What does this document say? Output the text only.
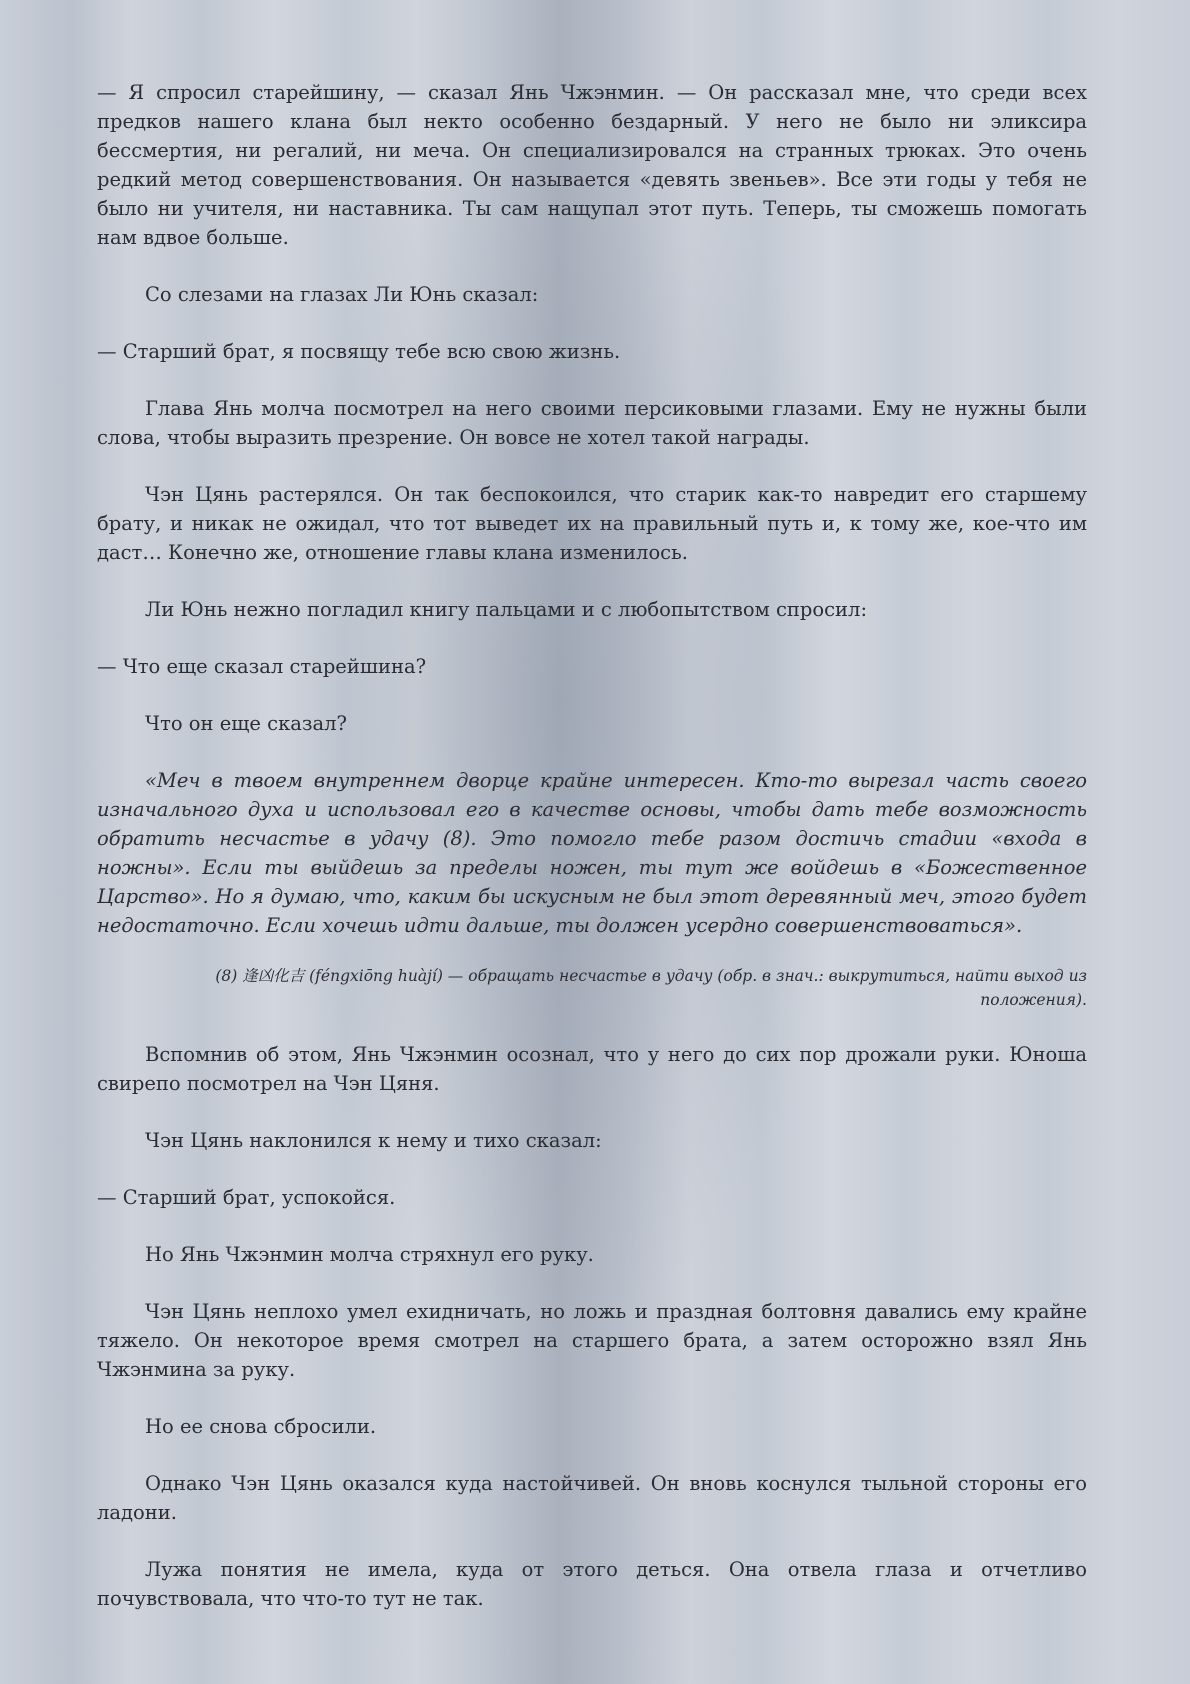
— Я спросил старейшину, — сказал Янь Чжэнмин. — Он рассказал мне, что среди всех предков нашего клана был некто особенно бездарный. У него не было ни эликсира бессмертия, ни регалий, ни меча. Он специализировался на странных трюках. Это очень редкий метод совершенствования. Он называется «девять звеньев». Все эти годы у тебя не было ни учителя, ни наставника. Ты сам нащупал этот путь. Теперь, ты сможешь помогать нам вдвое больше.

Со слезами на глазах Ли Юнь сказал:

— Старший брат, я посвящу тебе всю свою жизнь.

Глава Янь молча посмотрел на него своими персиковыми глазами. Ему не нужны были слова, чтобы выразить презрение. Он вовсе не хотел такой награды.

Чэн Цянь растерялся. Он так беспокоился, что старик как-то навредит его старшему брату, и никак не ожидал, что тот выведет их на правильный путь и, к тому же, кое-что им даст… Конечно же, отношение главы клана изменилось.

Ли Юнь нежно погладил книгу пальцами и с любопытством спросил:

— Что еще сказал старейшина?

Что он еще сказал?

«Меч в твоем внутреннем дворце крайне интересен. Кто-то вырезал часть своего изначального духа и использовал его в качестве основы, чтобы дать тебе возможность обратить несчастье в удачу (8). Это помогло тебе разом достичь стадии «входа в ножны». Если ты выйдешь за пределы ножен, ты тут же войдешь в «Божественное Царство». Но я думаю, что, каким бы искусным не был этот деревянный меч, этого будет недостаточно. Если хочешь идти дальше, ты должен усердно совершенствоваться».

(8) 逢凶化吉 (féngxiōng huàjí) — обращать несчастье в удачу (обр. в знач.: выкрутиться, найти выход из положения).

Вспомнив об этом, Янь Чжэнмин осознал, что у него до сих пор дрожали руки. Юноша свирепо посмотрел на Чэн Цяня.

Чэн Цянь наклонился к нему и тихо сказал:

— Старший брат, успокойся.

Но Янь Чжэнмин молча стряхнул его руку.

Чэн Цянь неплохо умел ехидничать, но ложь и праздная болтовня давались ему крайне тяжело. Он некоторое время смотрел на старшего брата, а затем осторожно взял Янь Чжэнмина за руку.

Но ее снова сбросили.

Однако Чэн Цянь оказался куда настойчивей. Он вновь коснулся тыльной стороны его ладони.

Лужа понятия не имела, куда от этого деться. Она отвела глаза и отчетливо почувствовала, что что-то тут не так.
